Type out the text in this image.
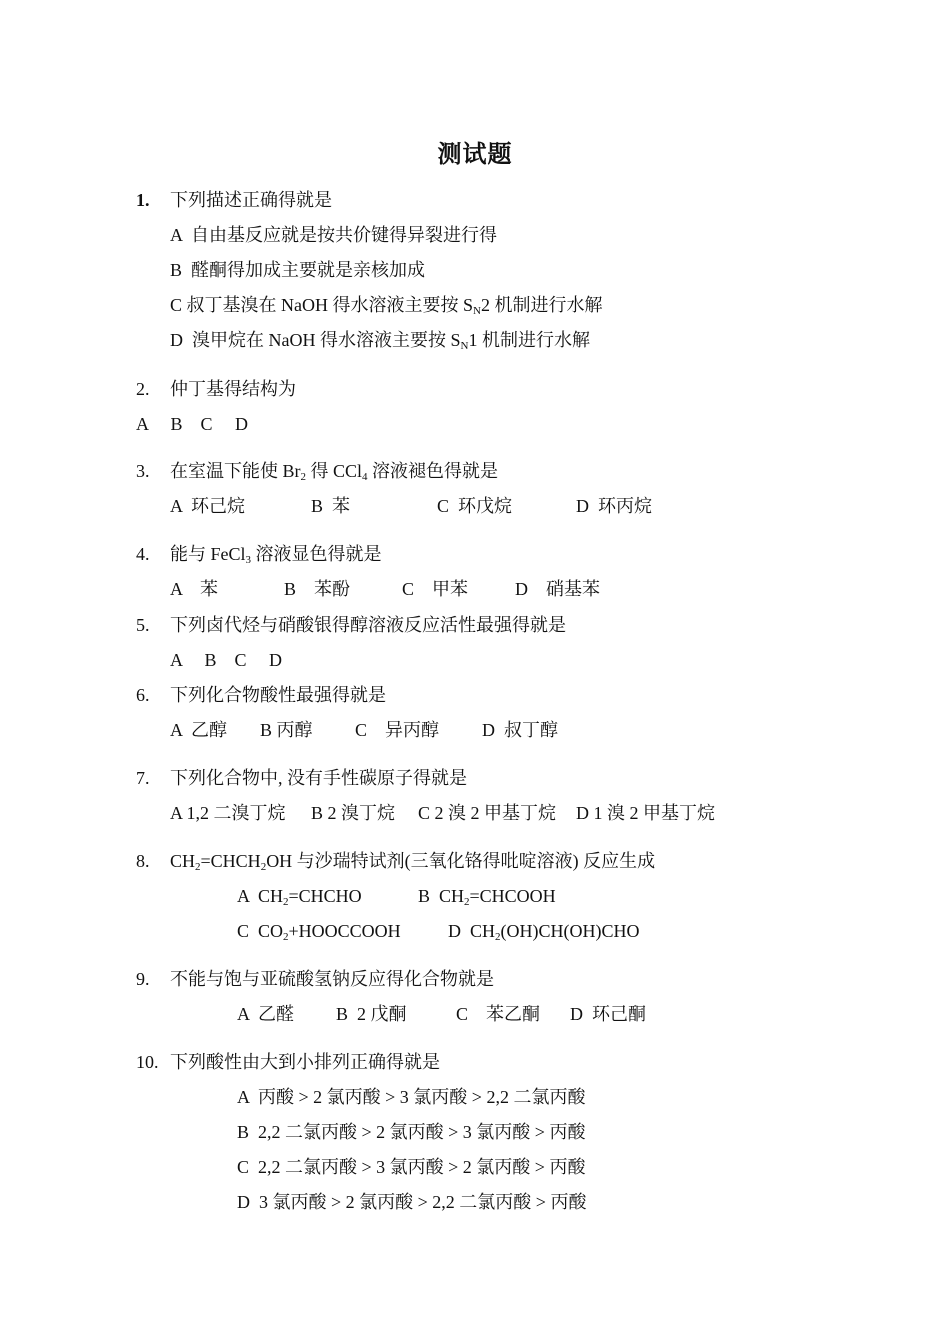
测试题
1. 下列描述正确得就是
A  自由基反应就是按共价键得异裂进行得
B  醛酮得加成主要就是亲核加成
C 叔丁基溴在 NaOH 得水溶液主要按 $S_N2$ 机制进行水解
D  溴甲烷在 NaOH 得水溶液主要按 $S_N1$ 机制进行水解
2. 仲丁基得结构为
A     B    C     D
3. 在室温下能使 $Br_2$ 得 CCl$_4$ 溶液褪色得就是
A  环己烷	B  苯	C  环戊烷	D  环丙烷
4. 能与 FeCl$_3$ 溶液显色得就是
A    苯	B    苯酚	C    甲苯	D    硝基苯
5. 下列卤代烃与硝酸银得醇溶液反应活性最强得就是
A     B    C     D
6. 下列化合物酸性最强得就是
A  乙醇 B 丙醇 C    异丙醇 D  叔丁醇
7. 下列化合物中, 没有手性碳原子得就是
A 1,2 二溴丁烷 B 2 溴丁烷 C 2 溴 2 甲基丁烷 D 1 溴 2 甲基丁烷
8. $CH_2=CHCH_2OH$ 与沙瑞特试剂(三氧化铬得吡啶溶液) 反应生成
A  $CH_2=CHCHO$	B  $CH_2=CHCOOH$
C  $CO_2+HOOCCOOH$	D  $CH_2(OH)CH(OH)CHO$
9. 不能与饱与亚硫酸氢钠反应得化合物就是
A  乙醛 B  2 戊酮	C    苯乙酮 D  环己酮
10. 下列酸性由大到小排列正确得就是
A  丙酸 > 2 氯丙酸 > 3 氯丙酸 > 2,2 二氯丙酸
B  2,2 二氯丙酸 > 2 氯丙酸 > 3 氯丙酸 > 丙酸
C  2,2 二氯丙酸 > 3 氯丙酸 > 2 氯丙酸 > 丙酸
D  3 氯丙酸 > 2 氯丙酸 > 2,2 二氯丙酸 > 丙酸
